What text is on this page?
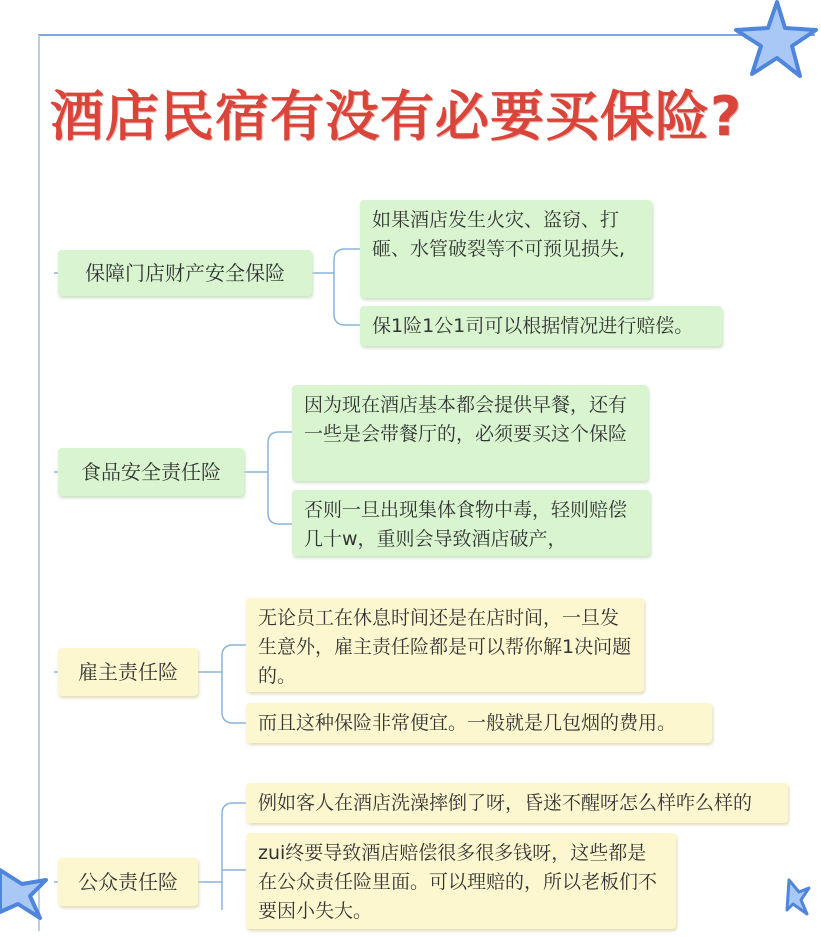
酒店民宿有没有必要买保险?
保障门店财产安全保险
如果酒店发生火灾、盗窃、打砸、水管破裂等不可预见损失,
保1险1公1司可以根据情况进行赔偿。
食品安全责任险
因为现在酒店基本都会提供早餐，还有一些是会带餐厅的，必须要买这个保险
否则一旦出现集体食物中毒，轻则赔偿几十w，重则会导致酒店破产，
雇主责任险
无论员工在休息时间还是在店时间，一旦发生意外，雇主责任险都是可以帮你解1决问题的。
而且这种保险非常便宜。一般就是几包烟的费用。
公众责任险
例如客人在酒店洗澡摔倒了呀，昏迷不醒呀怎么样咋么样的
zui终要导致酒店赔偿很多很多钱呀，这些都是在公众责任险里面。可以理赔的，所以老板们不要因小失大。
